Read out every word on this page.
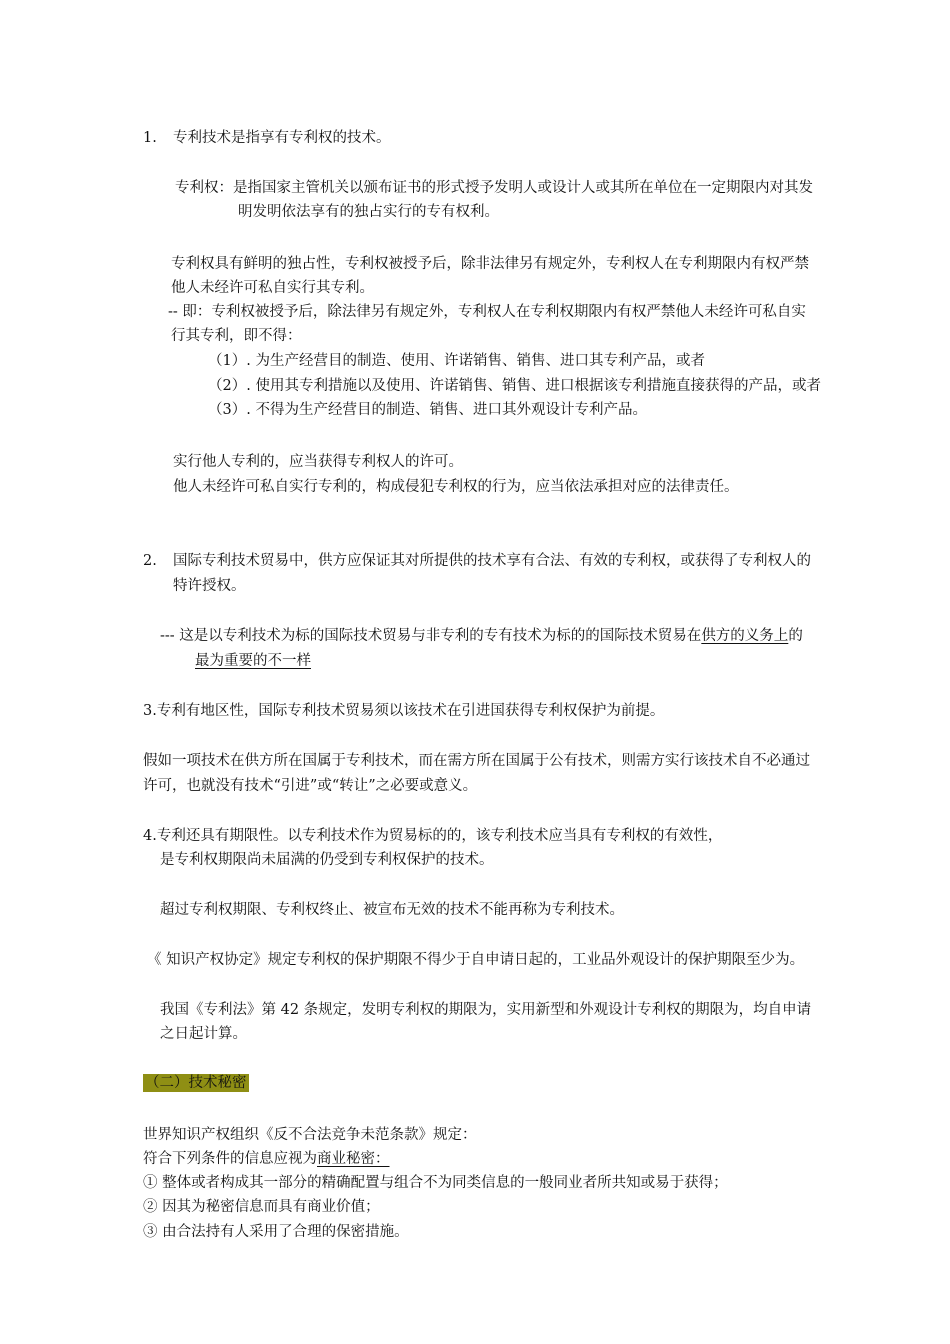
1. 专利技术是指享有专利权的技术。
专利权：是指国家主管机关以颁布证书的形式授予发明人或设计人或其所在单位在一定期限内对其发
明发明依法享有的独占实行的专有权利。
专利权具有鲜明的独占性，专利权被授予后，除非法律另有规定外，专利权人在专利期限内有权严禁
他人未经许可私自实行其专利。
-- 即：专利权被授予后，除法律另有规定外，专利权人在专利权期限内有权严禁他人未经许可私自实
行其专利，即不得：
（1）. 为生产经营目的制造、使用、许诺销售、销售、进口其专利产品，或者
（2）. 使用其专利措施以及使用、许诺销售、销售、进口根据该专利措施直接获得的产品，或者
（3）. 不得为生产经营目的制造、销售、进口其外观设计专利产品。
实行他人专利的，应当获得专利权人的许可。
他人未经许可私自实行专利的，构成侵犯专利权的行为，应当依法承担对应的法律责任。
2. 国际专利技术贸易中，供方应保证其对所提供的技术享有合法、有效的专利权，或获得了专利权人的
特许授权。
--- 这是以专利技术为标的国际技术贸易与非专利的专有技术为标的的国际技术贸易在供方的义务上的
最为重要的不一样
3.专利有地区性，国际专利技术贸易须以该技术在引进国获得专利权保护为前提。
假如一项技术在供方所在国属于专利技术，而在需方所在国属于公有技术，则需方实行该技术自不必通过
许可，也就没有技术“引进”或“转让”之必要或意义。
4.专利还具有期限性。以专利技术作为贸易标的的，该专利技术应当具有专利权的有效性，
是专利权期限尚未届满的仍受到专利权保护的技术。
超过专利权期限、专利权终止、被宣布无效的技术不能再称为专利技术。
《 知识产权协定》规定专利权的保护期限不得少于自申请日起的，工业品外观设计的保护期限至少为。
我国《专利法》第 42 条规定，发明专利权的期限为，实用新型和外观设计专利权的期限为，均自申请
之日起计算。
（二）技术秘密
世界知识产权组织《反不合法竞争未范条款》规定：
符合下列条件的信息应视为商业秘密：
① 整体或者构成其一部分的精确配置与组合不为同类信息的一般同业者所共知或易于获得；
② 因其为秘密信息而具有商业价值；
③ 由合法持有人采用了合理的保密措施。
